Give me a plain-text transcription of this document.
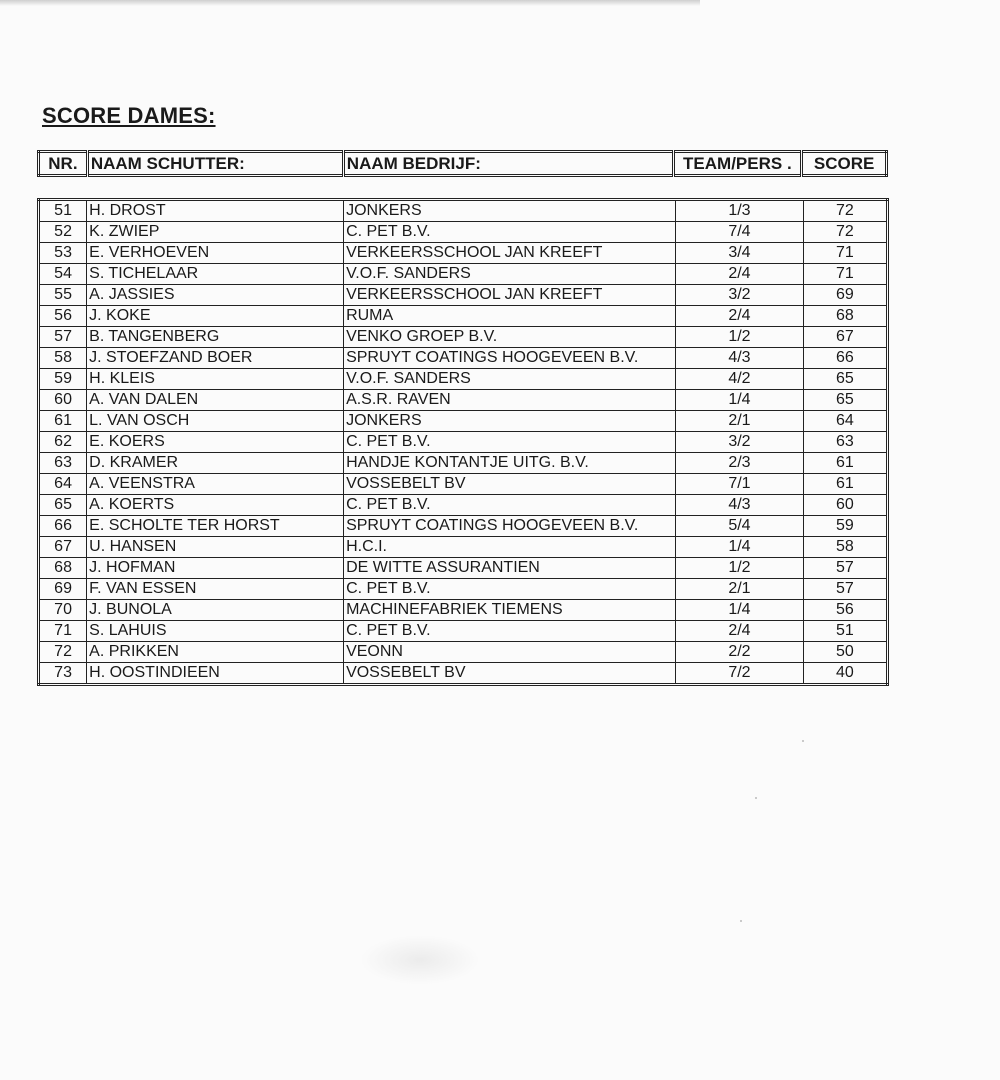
SCORE DAMES:
NR.	NAAM SCHUTTER:	NAAM BEDRIJF:	TEAM/PERS .	SCORE
51	H. DROST	JONKERS	1/3	72
52	K. ZWIEP	C. PET B.V.	7/4	72
53	E. VERHOEVEN	VERKEERSSCHOOL JAN KREEFT	3/4	71
54	S. TICHELAAR	V.O.F. SANDERS	2/4	71
55	A. JASSIES	VERKEERSSCHOOL JAN KREEFT	3/2	69
56	J. KOKE	RUMA	2/4	68
57	B. TANGENBERG	VENKO GROEP B.V.	1/2	67
58	J. STOEFZAND BOER	SPRUYT COATINGS HOOGEVEEN B.V.	4/3	66
59	H. KLEIS	V.O.F. SANDERS	4/2	65
60	A. VAN DALEN	A.S.R. RAVEN	1/4	65
61	L. VAN OSCH	JONKERS	2/1	64
62	E. KOERS	C. PET B.V.	3/2	63
63	D. KRAMER	HANDJE KONTANTJE UITG. B.V.	2/3	61
64	A. VEENSTRA	VOSSEBELT BV	7/1	61
65	A. KOERTS	C. PET B.V.	4/3	60
66	E. SCHOLTE TER HORST	SPRUYT COATINGS HOOGEVEEN B.V.	5/4	59
67	U. HANSEN	H.C.I.	1/4	58
68	J. HOFMAN	DE WITTE ASSURANTIEN	1/2	57
69	F. VAN ESSEN	C. PET B.V.	2/1	57
70	J. BUNOLA	MACHINEFABRIEK TIEMENS	1/4	56
71	S. LAHUIS	C. PET B.V.	2/4	51
72	A. PRIKKEN	VEONN	2/2	50
73	H. OOSTINDIEEN	VOSSEBELT BV	7/2	40
